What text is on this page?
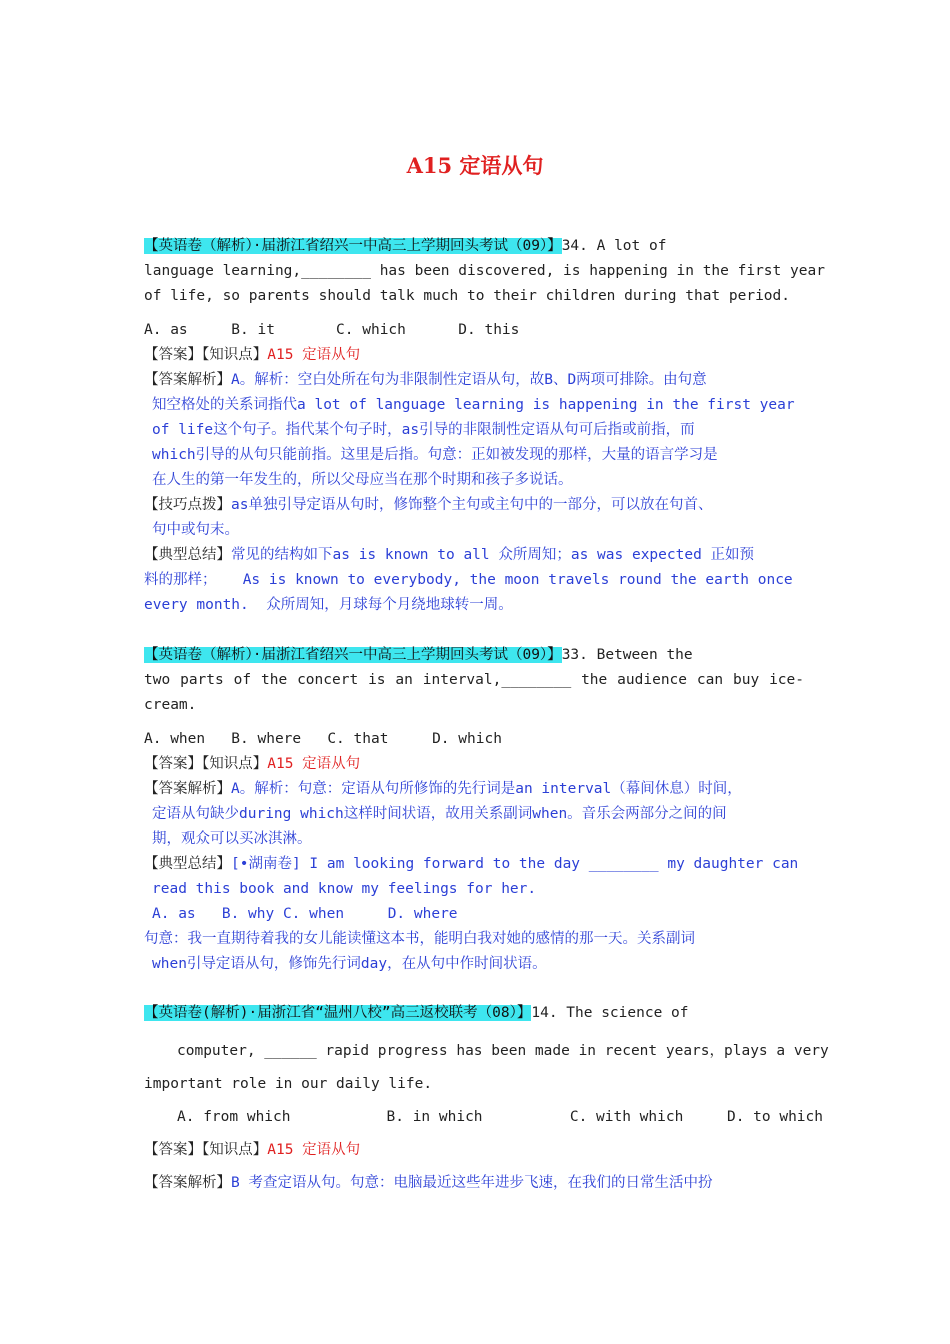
A15 定语从句
【英语卷（解析）·届浙江省绍兴一中高三上学期回头考试（09）】34. A lot of
language learning,________ has been discovered, is happening in the first year
of life, so parents should talk much to their children during that period.
A. as     B. it       C. which      D. this
【答案】【知识点】A15 定语从句
【答案解析】A。解析：空白处所在句为非限制性定语从句，故B、D两项可排除。由句意
知空格处的关系词指代a lot of language learning is happening in the first year
of life这个句子。指代某个句子时，as引导的非限制性定语从句可后指或前指，而
which引导的从句只能前指。这里是后指。句意：正如被发现的那样，大量的语言学习是
在人生的第一年发生的，所以父母应当在那个时期和孩子多说话。
【技巧点拨】as单独引导定语从句时，修饰整个主句或主句中的一部分，可以放在句首、
句中或句末。
【典型总结】常见的结构如下as is known to all 众所周知；as was expected 正如预
料的那样；   As is known to everybody, the moon travels round the earth once
every month.  众所周知，月球每个月绕地球转一周。
【英语卷（解析）·届浙江省绍兴一中高三上学期回头考试（09）】33. Between the
two parts of the concert is an interval,________ the audience can buy ice-
cream.
A. when   B. where   C. that     D. which
【答案】【知识点】A15 定语从句
【答案解析】A。解析：句意：定语从句所修饰的先行词是an interval（幕间休息）时间，
定语从句缺少during which这样时间状语，故用关系副词when。音乐会两部分之间的间
期，观众可以买冰淇淋。
【典型总结】[•湖南卷] I am looking forward to the day ________ my daughter can
read this book and know my feelings for her.
A. as   B. why C. when     D. where
句意：我一直期待着我的女儿能读懂这本书，能明白我对她的感情的那一天。关系副词
when引导定语从句，修饰先行词day，在从句中作时间状语。
【英语卷(解析)·届浙江省“温州八校”高三返校联考（08）】14. The science of
computer, ______ rapid progress has been made in recent years，plays a very
important role in our daily life.
A. from which           B. in which          C. with which     D. to which
【答案】【知识点】A15 定语从句
【答案解析】B 考查定语从句。句意：电脑最近这些年进步飞速，在我们的日常生活中扮
